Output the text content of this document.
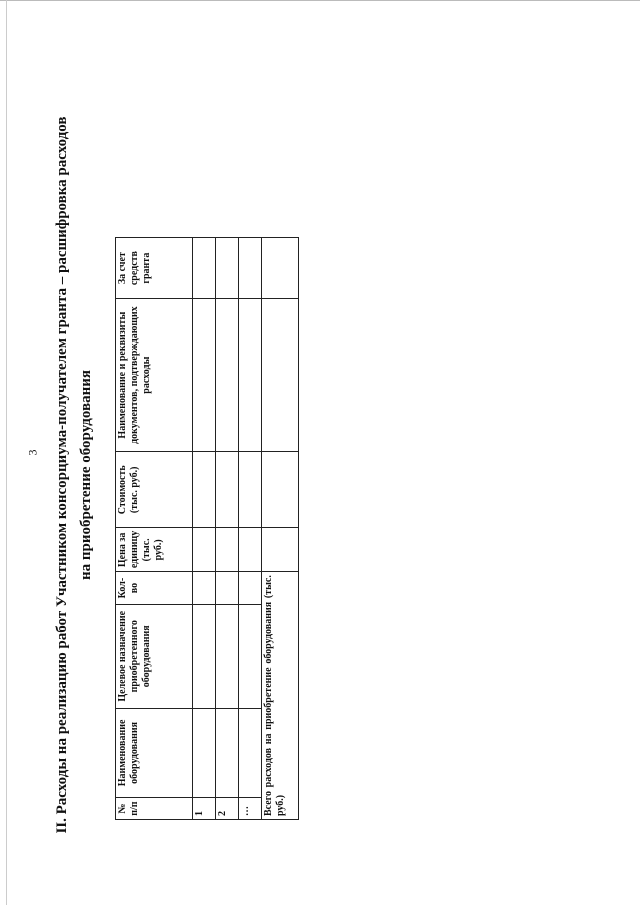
3 II. Расходы на реализацию работ Участником консорциума-получателем гранта – расшифровка расходов на приобретение оборудования
№ п/п	Наименование оборудования	Целевое назначение приобретенного оборудования	Кол-во	Цена за единицу (тыс. руб.)	Стоимость (тыс. руб.)	Наименование и реквизиты документов, подтверждающих расходы	За счет средств гранта
1							
2							
…							
Всего расходов на приобретение оборудования (тыс. руб.)							
